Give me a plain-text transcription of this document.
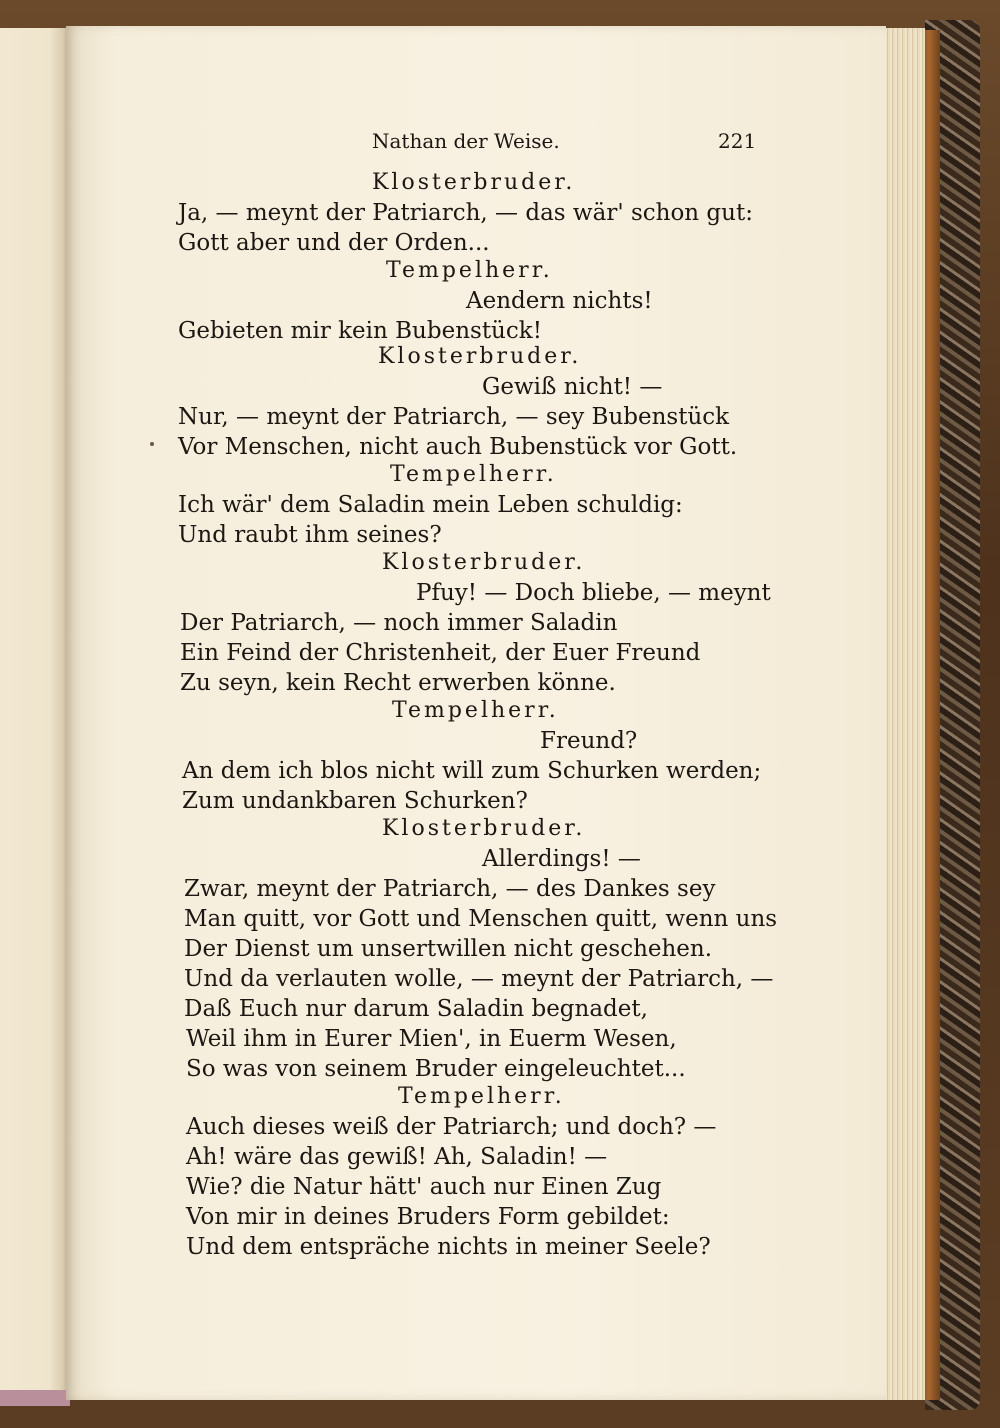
Nathan der Weise.	221
Klosterbruder.
Ja, — meynt der Patriarch, — das wär' schon gut:
Gott aber und der Orden...
Tempelherr.
Aendern nichts!
Gebieten mir kein Bubenstück!
Klosterbruder.
Gewiß nicht! —
Nur, — meynt der Patriarch, — sey Bubenstück
Vor Menschen, nicht auch Bubenstück vor Gott.
Tempelherr.
Ich wär' dem Saladin mein Leben schuldig:
Und raubt ihm seines?
Klosterbruder.
Pfuy! — Doch bliebe, — meynt
Der Patriarch, — noch immer Saladin
Ein Feind der Christenheit, der Euer Freund
Zu seyn, kein Recht erwerben könne.
Tempelherr.
Freund?
An dem ich blos nicht will zum Schurken werden;
Zum undankbaren Schurken?
Klosterbruder.
Allerdings! —
Zwar, meynt der Patriarch, — des Dankes sey
Man quitt, vor Gott und Menschen quitt, wenn uns
Der Dienst um unsertwillen nicht geschehen.
Und da verlauten wolle, — meynt der Patriarch, —
Daß Euch nur darum Saladin begnadet,
Weil ihm in Eurer Mien', in Euerm Wesen,
So was von seinem Bruder eingeleuchtet...
Tempelherr.
Auch dieses weiß der Patriarch; und doch? —
Ah! wäre das gewiß! Ah, Saladin! —
Wie? die Natur hätt' auch nur Einen Zug
Von mir in deines Bruders Form gebildet:
Und dem entspräche nichts in meiner Seele?
